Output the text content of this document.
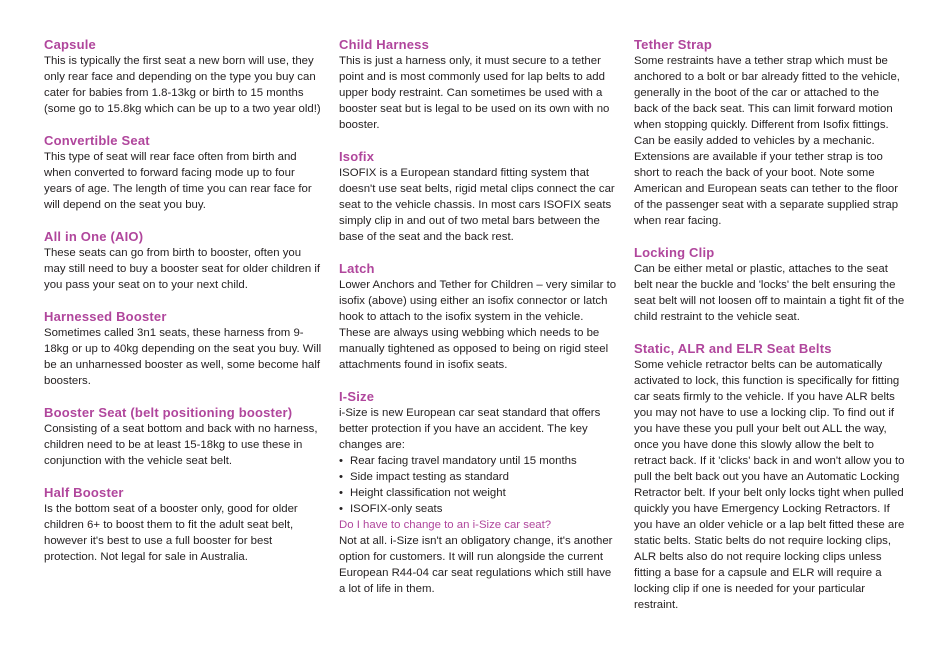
Capsule

This is typically the first seat a new born will use, they only rear face and depending on the type you buy can cater for babies from 1.8-13kg or birth to 15 months (some go to 15.8kg which can be up to a two year old!)

Convertible Seat

This type of seat will rear face often from birth and when converted to forward facing mode up to four years of age. The length of time you can rear face for will depend on the seat you buy.

All in One (AIO)

These seats can go from birth to booster, often you may still need to buy a booster seat for older children if you pass your seat on to your next child.

Harnessed Booster

Sometimes called 3n1 seats, these harness from 9-18kg or up to 40kg depending on the seat you buy. Will be an unharnessed booster as well, some become half boosters.

Booster Seat (belt positioning booster)

Consisting of a seat bottom and back with no harness, children need to be at least 15-18kg to use these in conjunction with the vehicle seat belt.

Half Booster

Is the bottom seat of a booster only, good for older children 6+ to boost them to fit the adult seat belt, however it's best to use a full booster for best protection. Not legal for sale in Australia.

Child Harness

This is just a harness only, it must secure to a tether point and is most commonly used for lap belts to add upper body restraint. Can sometimes be used with a booster seat but is legal to be used on its own with no booster.

Isofix

ISOFIX is a European standard fitting system that doesn't use seat belts, rigid metal clips connect the car seat to the vehicle chassis. In most cars ISOFIX seats simply clip in and out of two metal bars between the base of the seat and the back rest.

Latch

Lower Anchors and Tether for Children – very similar to isofix (above) using either an isofix connector or latch hook to attach to the isofix system in the vehicle. These are always using webbing which needs to be manually tightened as opposed to being on rigid steel attachments found in isofix seats.

I-Size

i-Size is new European car seat standard that offers better protection if you have an accident. The key changes are:

• Rear facing travel mandatory until 15 months
• Side impact testing as standard
• Height classification not weight
• ISOFIX-only seats

Do I have to change to an i-Size car seat?

Not at all. i-Size isn't an obligatory change, it's another option for customers. It will run alongside the current European R44-04 car seat regulations which still have a lot of life in them.

Tether Strap

Some restraints have a tether strap which must be anchored to a bolt or bar already fitted to the vehicle, generally in the boot of the car or attached to the back of the back seat. This can limit forward motion when stopping quickly. Different from Isofix fittings. Can be easily added to vehicles by a mechanic. Extensions are available if your tether strap is too short to reach the back of your boot. Note some American and European seats can tether to the floor of the passenger seat with a separate supplied strap when rear facing.

Locking Clip

Can be either metal or plastic, attaches to the seat belt near the buckle and 'locks' the belt ensuring the seat belt will not loosen off to maintain a tight fit of the child restraint to the vehicle seat.

Static, ALR and ELR Seat Belts

Some vehicle retractor belts can be automatically activated to lock, this function is specifically for fitting car seats firmly to the vehicle. If you have ALR belts you may not have to use a locking clip. To find out if you have these you pull your belt out ALL the way, once you have done this slowly allow the belt to retract back. If it 'clicks' back in and won't allow you to pull the belt back out you have an Automatic Locking Retractor belt. If your belt only locks tight when pulled quickly you have Emergency Locking Retractors. If you have an older vehicle or a lap belt fitted these are static belts. Static belts do not require locking clips, ALR belts also do not require locking clips unless fitting a base for a capsule and ELR will require a locking clip if one is needed for your particular restraint.
